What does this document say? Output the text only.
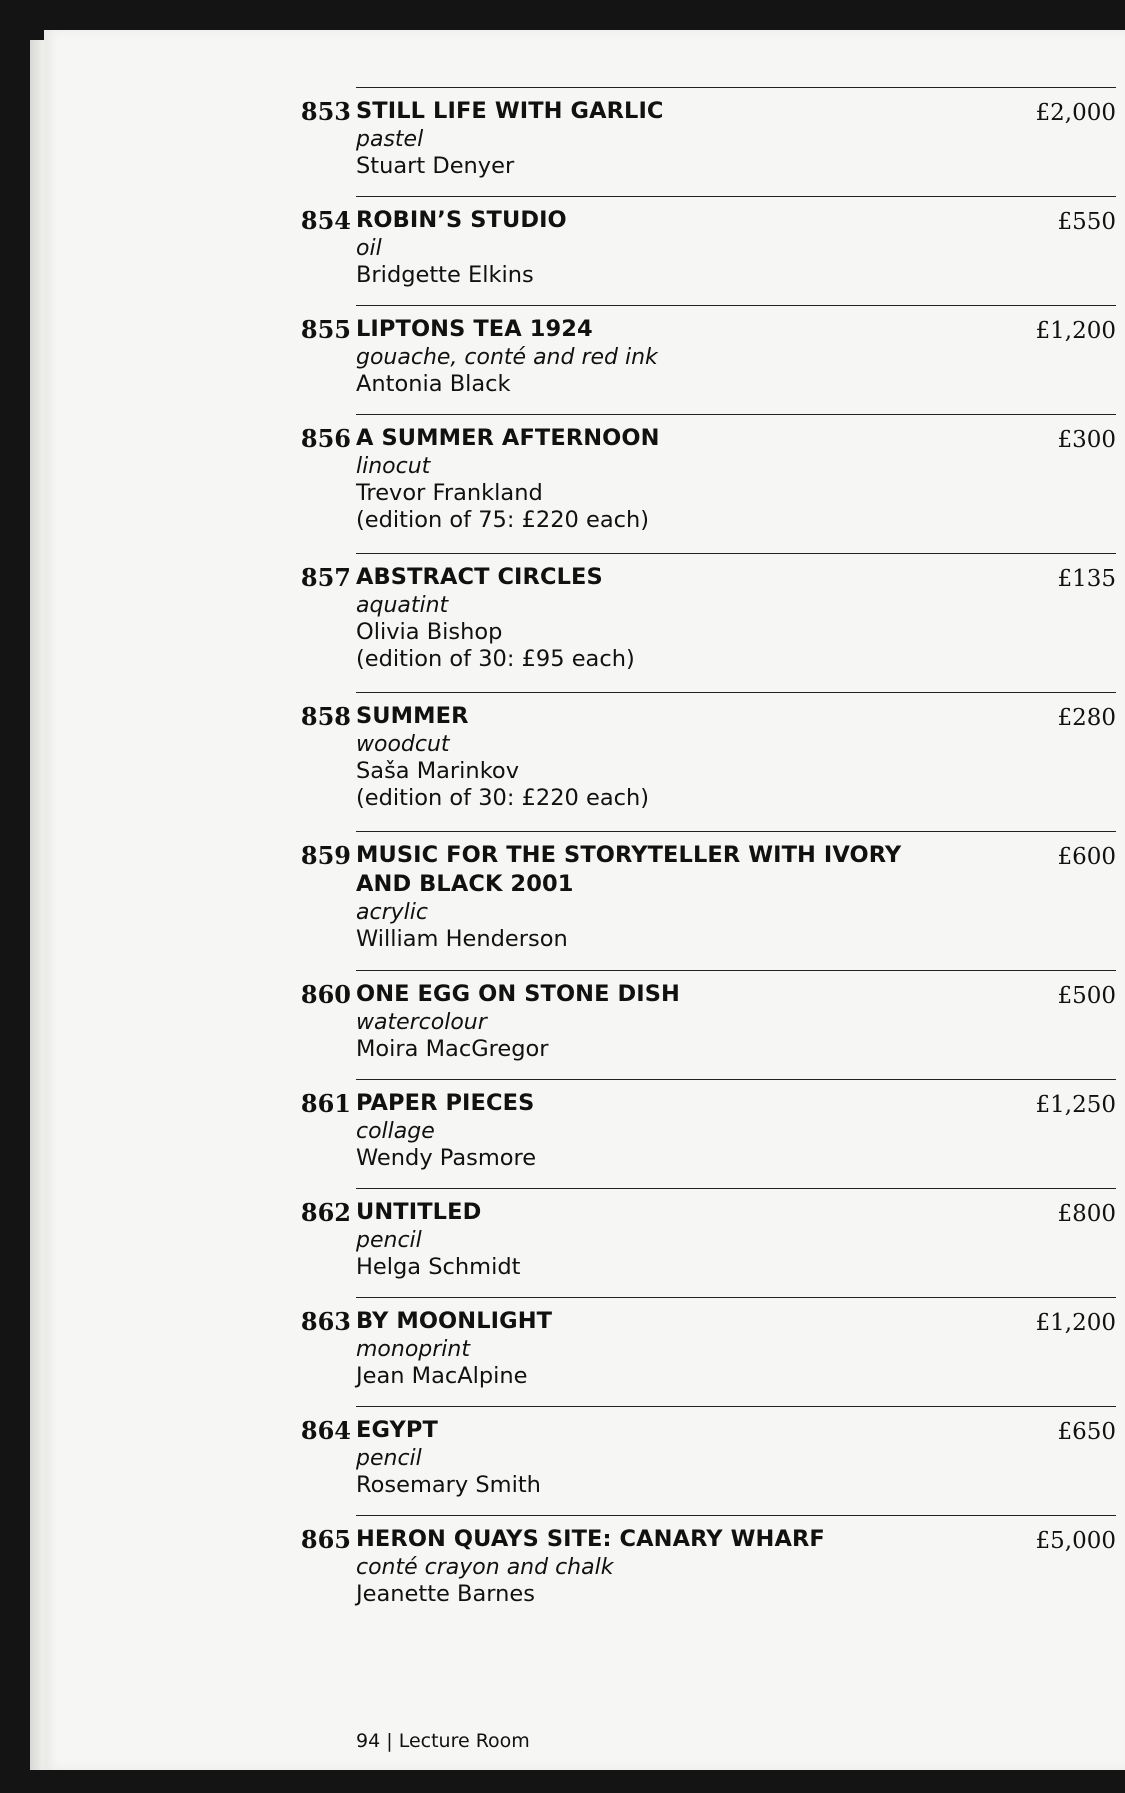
853 STILL LIFE WITH GARLIC
pastel
Stuart Denyer
£2,000
854 ROBIN’S STUDIO
oil
Bridgette Elkins
£550
855 LIPTONS TEA 1924
gouache, conté and red ink
Antonia Black
£1,200
856 A SUMMER AFTERNOON
linocut
Trevor Frankland
(edition of 75: £220 each)
£300
857 ABSTRACT CIRCLES
aquatint
Olivia Bishop
(edition of 30: £95 each)
£135
858 SUMMER
woodcut
Saša Marinkov
(edition of 30: £220 each)
£280
859 MUSIC FOR THE STORYTELLER WITH IVORY
AND BLACK 2001
acrylic
William Henderson
£600
860 ONE EGG ON STONE DISH
watercolour
Moira MacGregor
£500
861 PAPER PIECES
collage
Wendy Pasmore
£1,250
862 UNTITLED
pencil
Helga Schmidt
£800
863 BY MOONLIGHT
monoprint
Jean MacAlpine
£1,200
864 EGYPT
pencil
Rosemary Smith
£650
865 HERON QUAYS SITE: CANARY WHARF
conté crayon and chalk
Jeanette Barnes
£5,000
94 | Lecture Room
